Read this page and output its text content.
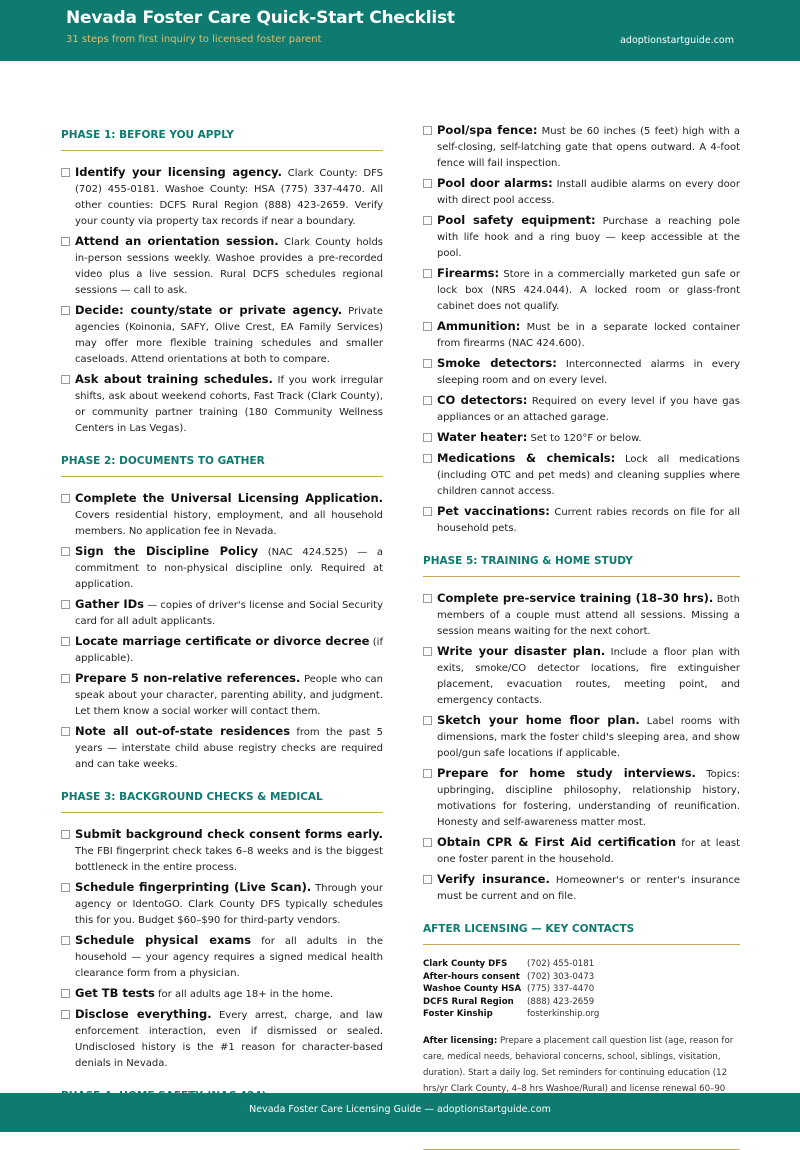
Nevada Foster Care Quick-Start Checklist
31 steps from first inquiry to licensed foster parent	adoptionstartguide.com
PHASE 1: BEFORE YOU APPLY
Identify your licensing agency. Clark County: DFS (702) 455-0181. Washoe County: HSA (775) 337-4470. All other counties: DCFS Rural Region (888) 423-2659. Verify your county via property tax records if near a boundary.
Attend an orientation session. Clark County holds in-person sessions weekly. Washoe provides a pre-recorded video plus a live session. Rural DCFS schedules regional sessions — call to ask.
Decide: county/state or private agency. Private agencies (Koinonia, SAFY, Olive Crest, EA Family Services) may offer more flexible training schedules and smaller caseloads. Attend orientations at both to compare.
Ask about training schedules. If you work irregular shifts, ask about weekend cohorts, Fast Track (Clark County), or community partner training (180 Community Wellness Centers in Las Vegas).
PHASE 2: DOCUMENTS TO GATHER
Complete the Universal Licensing Application. Covers residential history, employment, and all household members. No application fee in Nevada.
Sign the Discipline Policy (NAC 424.525) — a commitment to non-physical discipline only. Required at application.
Gather IDs — copies of driver's license and Social Security card for all adult applicants.
Locate marriage certificate or divorce decree (if applicable).
Prepare 5 non-relative references. People who can speak about your character, parenting ability, and judgment. Let them know a social worker will contact them.
Note all out-of-state residences from the past 5 years — interstate child abuse registry checks are required and can take weeks.
PHASE 3: BACKGROUND CHECKS & MEDICAL
Submit background check consent forms early. The FBI fingerprint check takes 6–8 weeks and is the biggest bottleneck in the entire process.
Schedule fingerprinting (Live Scan). Through your agency or IdentoGO. Clark County DFS typically schedules this for you. Budget $60–$90 for third-party vendors.
Schedule physical exams for all adults in the household — your agency requires a signed medical health clearance form from a physician.
Get TB tests for all adults age 18+ in the home.
Disclose everything. Every arrest, charge, and law enforcement interaction, even if dismissed or sealed. Undisclosed history is the #1 reason for character-based denials in Nevada.
Pool/spa fence: Must be 60 inches (5 feet) high with a self-closing, self-latching gate that opens outward. A 4-foot fence will fail inspection.
Pool door alarms: Install audible alarms on every door with direct pool access.
Pool safety equipment: Purchase a reaching pole with life hook and a ring buoy — keep accessible at the pool.
Firearms: Store in a commercially marketed gun safe or lock box (NRS 424.044). A locked room or glass-front cabinet does not qualify.
Ammunition: Must be in a separate locked container from firearms (NAC 424.600).
Smoke detectors: Interconnected alarms in every sleeping room and on every level.
CO detectors: Required on every level if you have gas appliances or an attached garage.
Water heater: Set to 120°F or below.
Medications & chemicals: Lock all medications (including OTC and pet meds) and cleaning supplies where children cannot access.
Pet vaccinations: Current rabies records on file for all household pets.
PHASE 5: TRAINING & HOME STUDY
Complete pre-service training (18–30 hrs). Both members of a couple must attend all sessions. Missing a session means waiting for the next cohort.
Write your disaster plan. Include a floor plan with exits, smoke/CO detector locations, fire extinguisher placement, evacuation routes, meeting point, and emergency contacts.
Sketch your home floor plan. Label rooms with dimensions, mark the foster child's sleeping area, and show pool/gun safe locations if applicable.
Prepare for home study interviews. Topics: upbringing, discipline philosophy, relationship history, motivations for fostering, understanding of reunification. Honesty and self-awareness matter most.
Obtain CPR & First Aid certification for at least one foster parent in the household.
Verify insurance. Homeowner's or renter's insurance must be current and on file.
AFTER LICENSING — KEY CONTACTS
Clark County DFS	(702) 455-0181
After-hours consent (702) 303-0473
Washoe County HSA (775) 337-4470
DCFS Rural Region	(888) 423-2659
Foster Kinship	fosterkinship.org
After licensing: Prepare a placement call question list (age, reason for care, medical needs, behavioral concerns, school, siblings, visitation, duration). Start a daily log. Set reminders for continuing education (12 hrs/yr Clark County, 4–8 hrs Washoe/Rural) and license renewal 60–90
Nevada Foster Care Licensing Guide — adoptionstartguide.com
